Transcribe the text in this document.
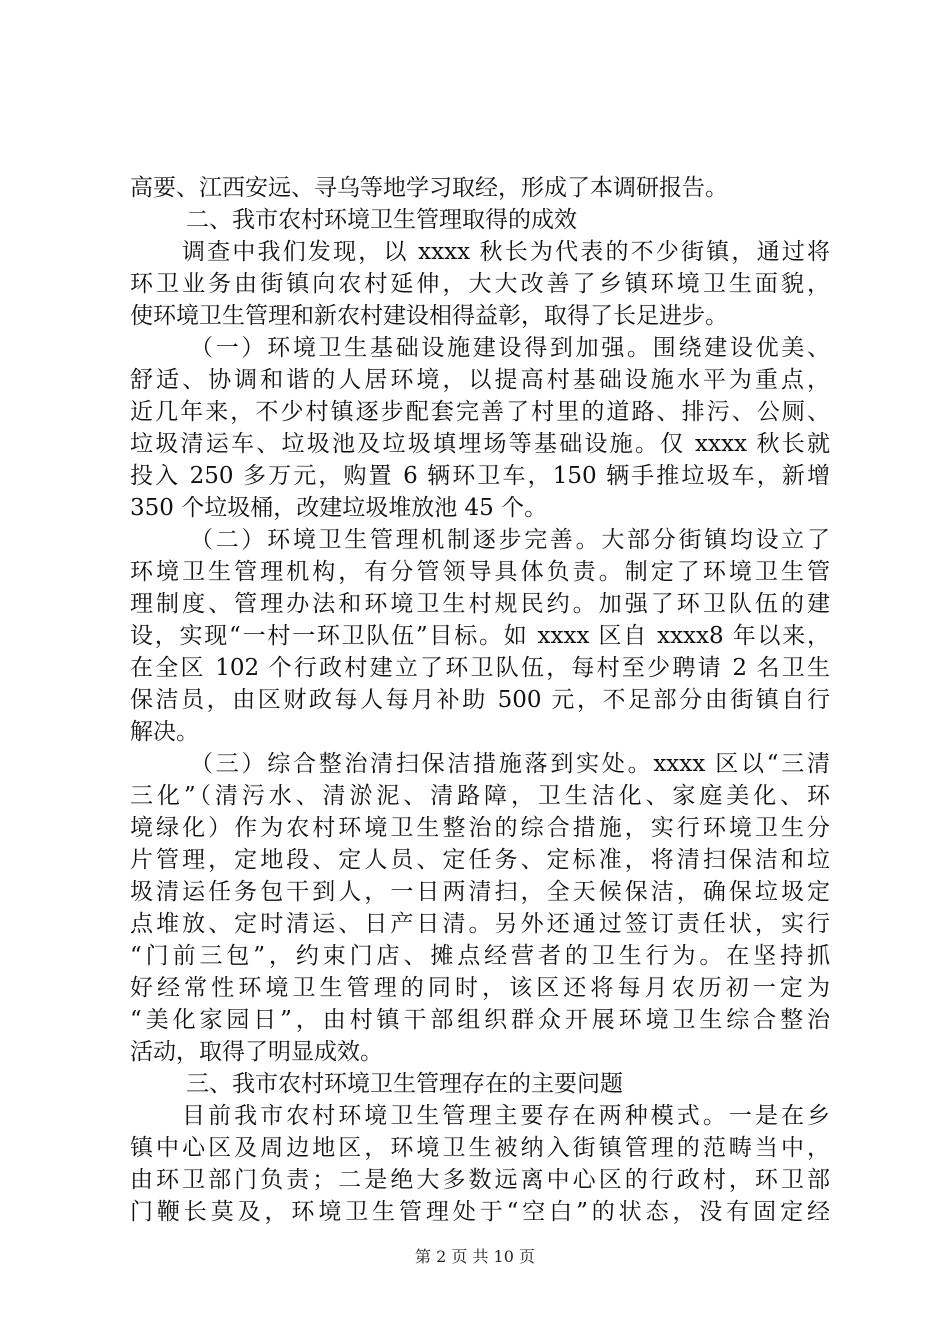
高要、江西安远、寻乌等地学习取经，形成了本调研报告。
二、我市农村环境卫生管理取得的成效
调查中我们发现，以 xxxx 秋长为代表的不少街镇，通过将
环卫业务由街镇向农村延伸，大大改善了乡镇环境卫生面貌，
使环境卫生管理和新农村建设相得益彰，取得了长足进步。
（一）环境卫生基础设施建设得到加强。围绕建设优美、
舒适、协调和谐的人居环境，以提高村基础设施水平为重点，
近几年来，不少村镇逐步配套完善了村里的道路、排污、公厕、
垃圾清运车、垃圾池及垃圾填埋场等基础设施。仅 xxxx 秋长就
投入 250 多万元，购置 6 辆环卫车，150 辆手推垃圾车，新增
350 个垃圾桶，改建垃圾堆放池 45 个。
（二）环境卫生管理机制逐步完善。大部分街镇均设立了
环境卫生管理机构，有分管领导具体负责。制定了环境卫生管
理制度、管理办法和环境卫生村规民约。加强了环卫队伍的建
设，实现“一村一环卫队伍”目标。如 xxxx 区自 xxxx8 年以来，
在全区 102 个行政村建立了环卫队伍，每村至少聘请 2 名卫生
保洁员，由区财政每人每月补助 500 元，不足部分由街镇自行
解决。
（三）综合整治清扫保洁措施落到实处。xxxx 区以“三清
三化”（清污水、清淤泥、清路障，卫生洁化、家庭美化、环
境绿化）作为农村环境卫生整治的综合措施，实行环境卫生分
片管理，定地段、定人员、定任务、定标准，将清扫保洁和垃
圾清运任务包干到人，一日两清扫，全天候保洁，确保垃圾定
点堆放、定时清运、日产日清。另外还通过签订责任状，实行
“门前三包”，约束门店、摊点经营者的卫生行为。在坚持抓
好经常性环境卫生管理的同时，该区还将每月农历初一定为
“美化家园日”，由村镇干部组织群众开展环境卫生综合整治
活动，取得了明显成效。
三、我市农村环境卫生管理存在的主要问题
目前我市农村环境卫生管理主要存在两种模式。一是在乡
镇中心区及周边地区，环境卫生被纳入街镇管理的范畴当中，
由环卫部门负责；二是绝大多数远离中心区的行政村，环卫部
门鞭长莫及，环境卫生管理处于“空白”的状态，没有固定经
第 2 页 共 10 页
